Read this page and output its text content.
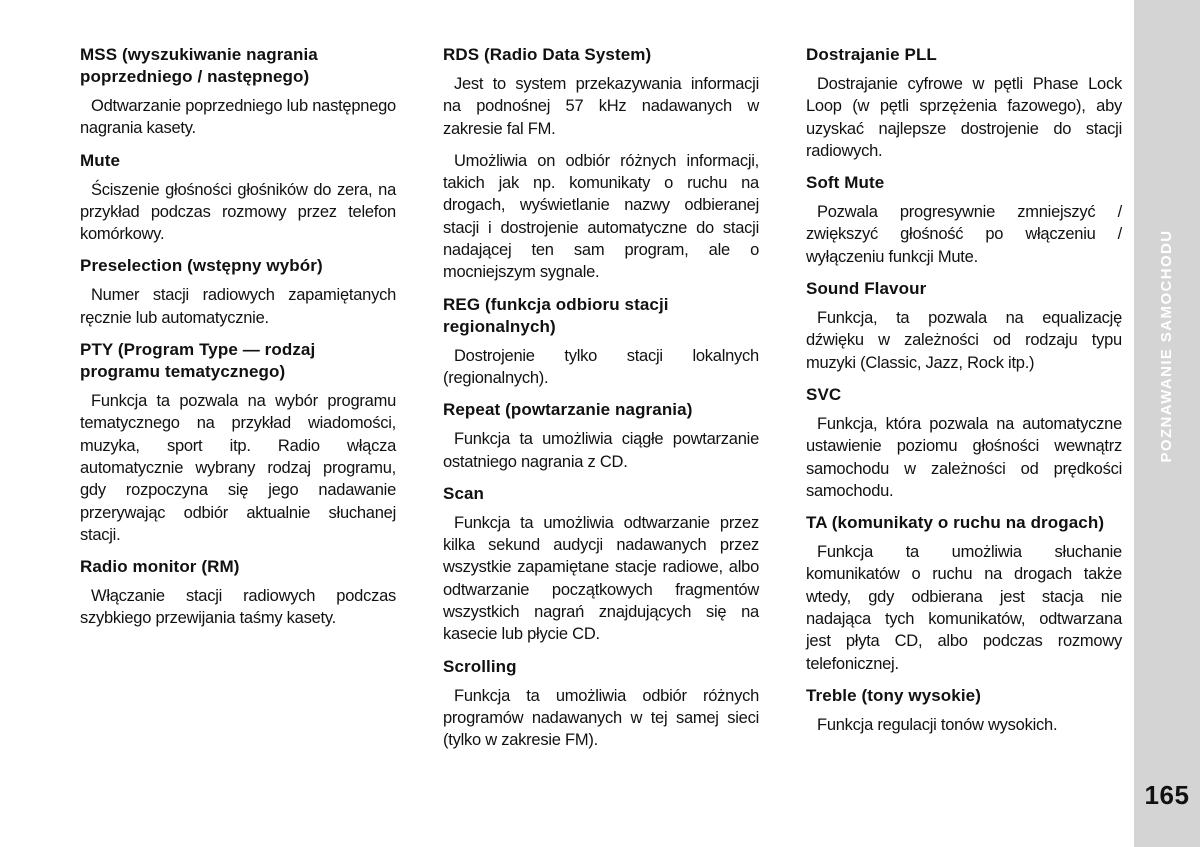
MSS (wyszukiwanie nagrania poprzedniego / następnego)

Odtwarzanie poprzedniego lub następnego nagrania kasety.

Mute

Ściszenie głośności głośników do zera, na przykład podczas rozmowy przez telefon komórkowy.

Preselection (wstępny wybór)

Numer stacji radiowych zapamiętanych ręcznie lub automatycznie.

PTY (Program Type — rodzaj programu tematycznego)

Funkcja ta pozwala na wybór programu tematycznego na przykład wiadomości, muzyka, sport itp. Radio włącza automatycznie wybrany rodzaj programu, gdy rozpoczyna się jego nadawanie przerywając odbiór aktualnie słuchanej stacji.

Radio monitor (RM)

Włączanie stacji radiowych podczas szybkiego przewijania taśmy kasety.

RDS (Radio Data System)

Jest to system przekazywania informacji na podnośnej 57 kHz nadawanych w zakresie fal FM.

Umożliwia on odbiór różnych informacji, takich jak np. komunikaty o ruchu na drogach, wyświetlanie nazwy odbieranej stacji i dostrojenie automatyczne do stacji nadającej ten sam program, ale o mocniejszym sygnale.

REG (funkcja odbioru stacji regionalnych)

Dostrojenie tylko stacji lokalnych (regionalnych).

Repeat (powtarzanie nagrania)

Funkcja ta umożliwia ciągłe powtarzanie ostatniego nagrania z CD.

Scan

Funkcja ta umożliwia odtwarzanie przez kilka sekund audycji nadawanych przez wszystkie zapamiętane stacje radiowe, albo odtwarzanie początkowych fragmentów wszystkich nagrań znajdujących się na kasecie lub płycie CD.

Scrolling

Funkcja ta umożliwia odbiór różnych programów nadawanych w tej samej sieci (tylko w zakresie FM).

Dostrajanie PLL

Dostrajanie cyfrowe w pętli Phase Lock Loop (w pętli sprzężenia fazowego), aby uzyskać najlepsze dostrojenie do stacji radiowych.

Soft Mute

Pozwala progresywnie zmniejszyć / zwiększyć głośność po włączeniu / wyłączeniu funkcji Mute.

Sound Flavour

Funkcja, ta pozwala na equalizację dźwięku w zależności od rodzaju typu muzyki (Classic, Jazz, Rock itp.)

SVC

Funkcja, która pozwala na automatyczne ustawienie poziomu głośności wewnątrz samochodu w zależności od prędkości samochodu.

TA (komunikaty o ruchu na drogach)

Funkcja ta umożliwia słuchanie komunikatów o ruchu na drogach także wtedy, gdy odbierana jest stacja nie nadająca tych komunikatów, odtwarzana jest płyta CD, albo podczas rozmowy telefonicznej.

Treble (tony wysokie)

Funkcja regulacji tonów wysokich.

POZNAWANIE SAMOCHODU
165
